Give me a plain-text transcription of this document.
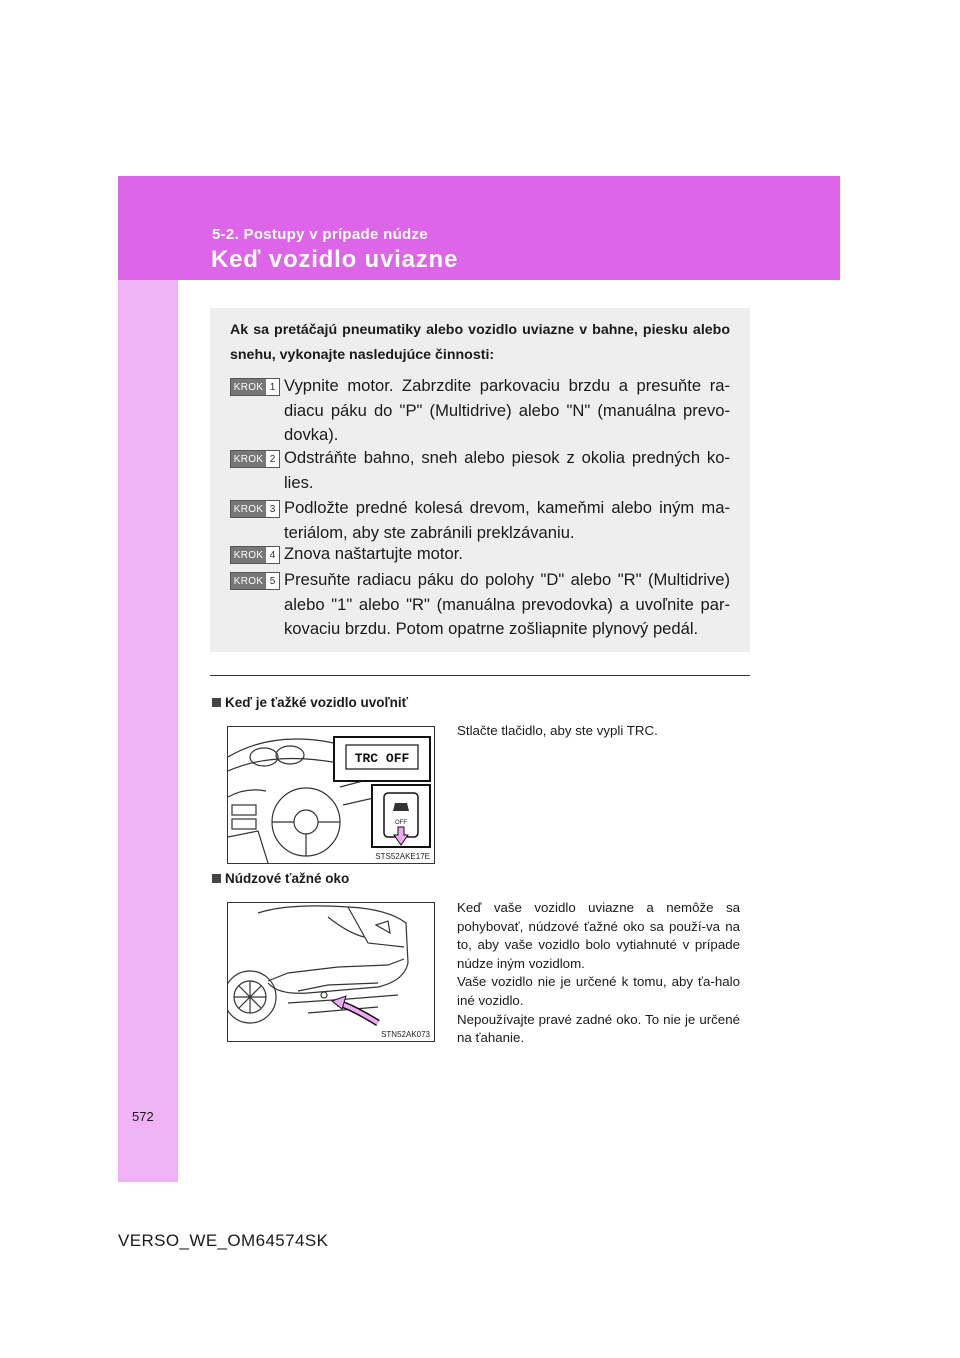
5-2. Postupy v prípade núdze
Keď vozidlo uviazne
Ak sa pretáčajú pneumatiky alebo vozidlo uviazne v bahne, piesku alebo snehu, vykonajte nasledujúce činnosti:
KROK 1 Vypnite motor. Zabrzdite parkovaciu brzdu a presuňte ra-diacu páku do "P" (Multidrive) alebo "N" (manuálna prevo-dovka).
KROK 2 Odstráňte bahno, sneh alebo piesok z okolia predných ko-lies.
KROK 3 Podložte predné kolesá drevom, kameňmi alebo iným ma-teriálom, aby ste zabránili preklzávaniu.
KROK 4 Znova naštartujte motor.
KROK 5 Presuňte radiacu páku do polohy "D" alebo "R" (Multidrive) alebo "1" alebo "R" (manuálna prevodovka) a uvoľnite par-kovaciu brzdu. Potom opatrne zošliapnite plynový pedál.
Keď je ťažké vozidlo uvoľniť
TRC OFF
OFF
STS52AKE17E

Stlačte tlačidlo, aby ste vypli TRC.

Núdzové ťažné oko
STN52AK073

Keď vaše vozidlo uviazne a nemôže sa pohybovať, núdzové ťažné oko sa použí-va na to, aby vaše vozidlo bolo vytiahnuté v prípade núdze iným vozidlom.

Vaše vozidlo nie je určené k tomu, aby ťa-halo iné vozidlo.

Nepoužívajte pravé zadné oko. To nie je určené na ťahanie.

572
VERSO_WE_OM64574SK
